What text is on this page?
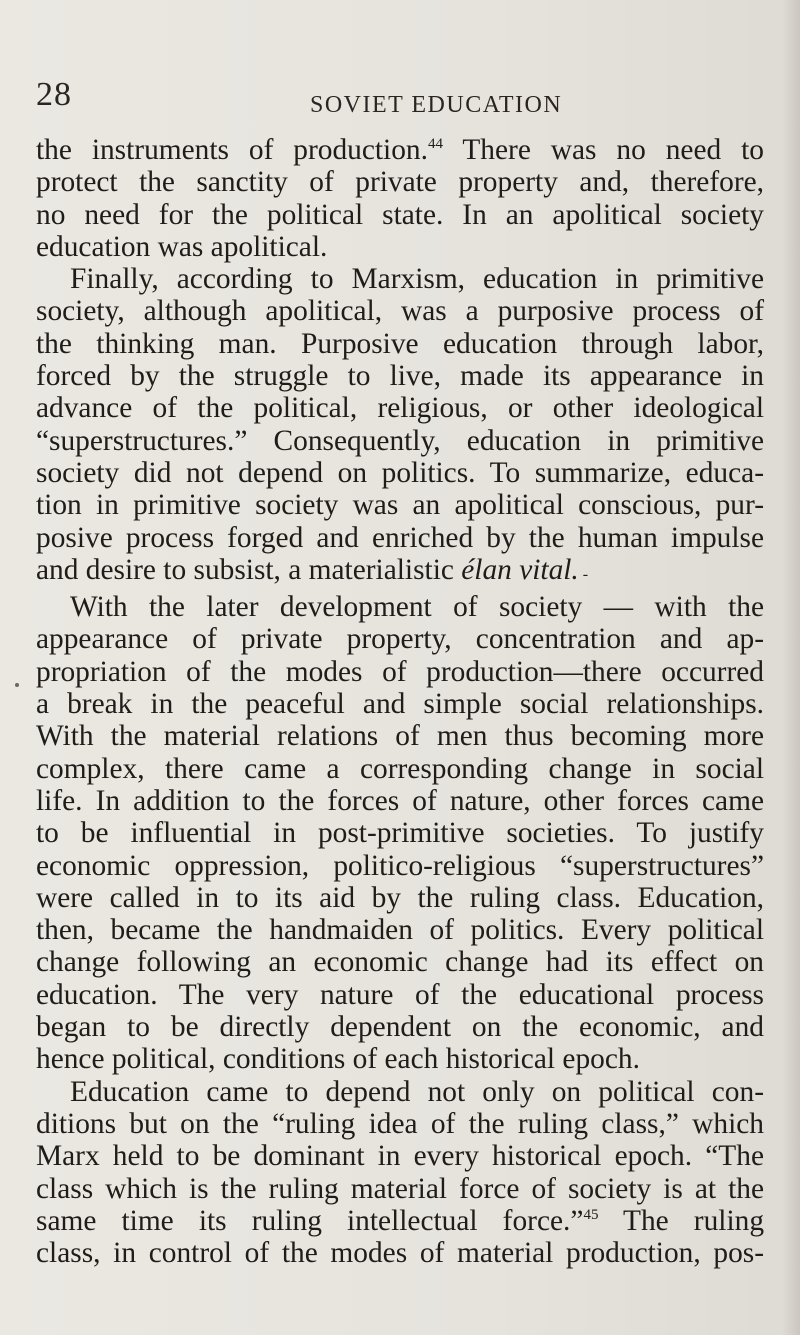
28	SOVIET EDUCATION

the instruments of production.$^{44}$ There was no need to
protect the sanctity of private property and, therefore,
no need for the political state. In an apolitical society
education was apolitical.

Finally, according to Marxism, education in primitive
society, although apolitical, was a purposive process of
the thinking man. Purposive education through labor,
forced by the struggle to live, made its appearance in
advance of the political, religious, or other ideological
“superstructures.” Consequently, education in primitive
society did not depend on politics. To summarize, educa-
tion in primitive society was an apolitical conscious, pur-
posive process forged and enriched by the human impulse
and desire to subsist, a materialistic élan vital. -

With the later development of society — with the
appearance of private property, concentration and ap-
propriation of the modes of production—there occurred
a break in the peaceful and simple social relationships.
With the material relations of men thus becoming more
complex, there came a corresponding change in social
life. In addition to the forces of nature, other forces came
to be influential in post-primitive societies. To justify
economic oppression, politico-religious “superstructures”
were called in to its aid by the ruling class. Education,
then, became the handmaiden of politics. Every political
change following an economic change had its effect on
education. The very nature of the educational process
began to be directly dependent on the economic, and
hence political, conditions of each historical epoch.

Education came to depend not only on political con-
ditions but on the “ruling idea of the ruling class,” which
Marx held to be dominant in every historical epoch. “The
class which is the ruling material force of society is at the
same time its ruling intellectual force.”$^{45}$ The ruling
class, in control of the modes of material production, pos-
